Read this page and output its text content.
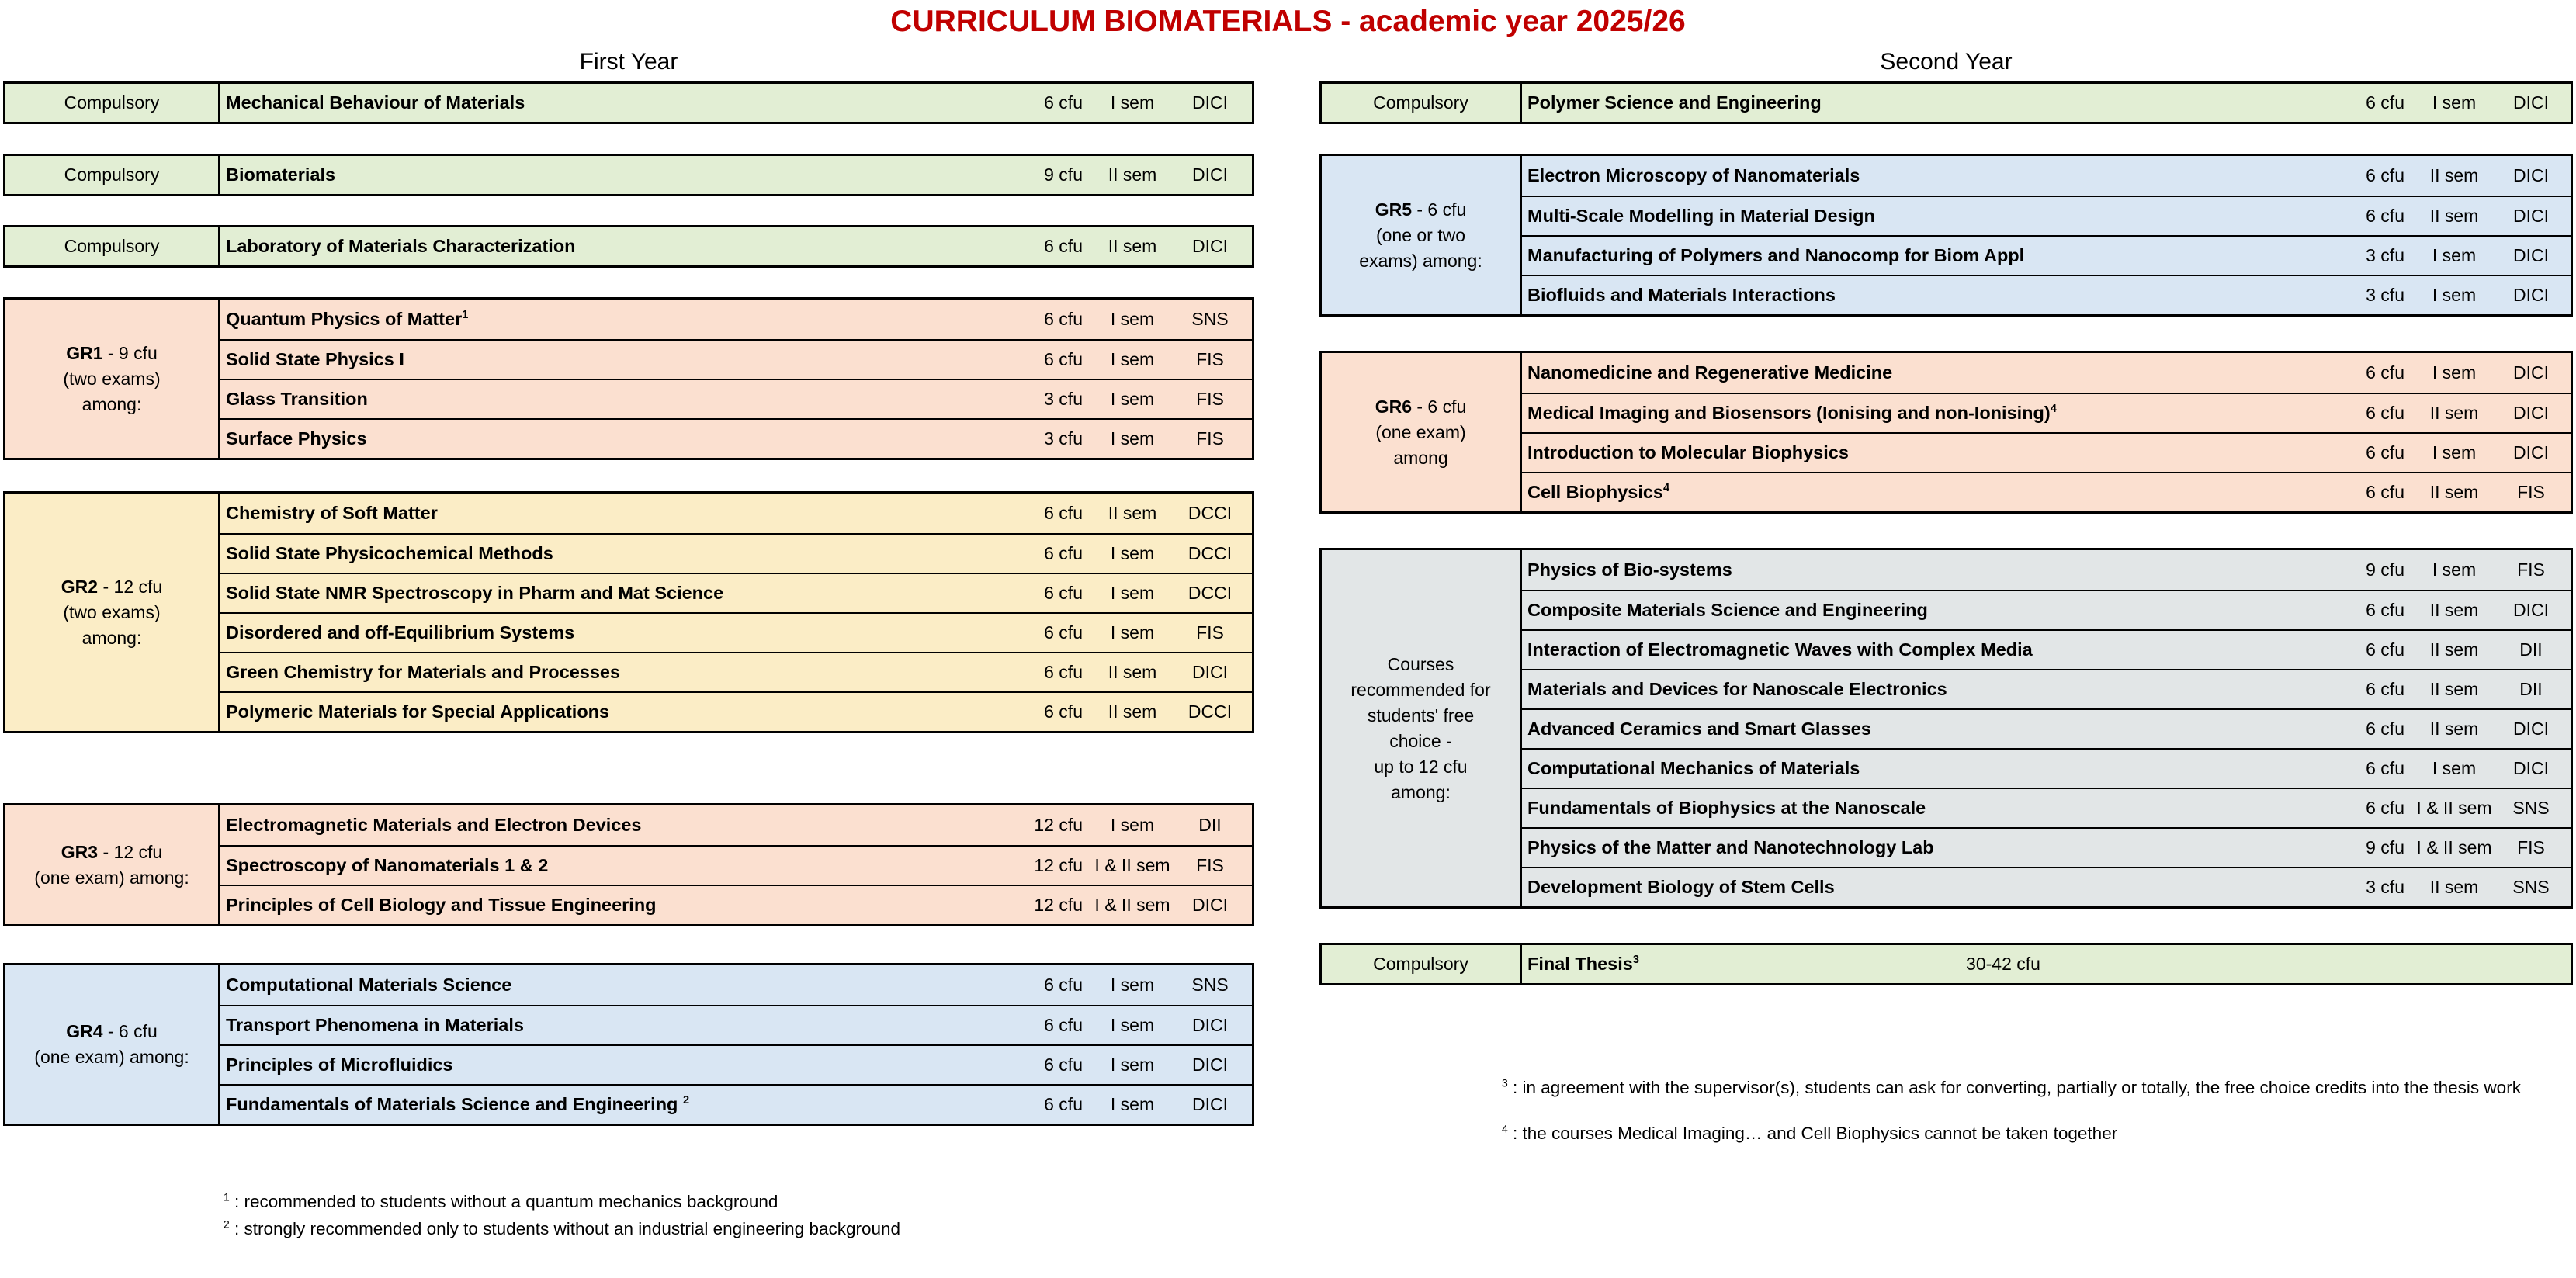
CURRICULUM BIOMATERIALS - academic year 2025/26
First Year
Compulsory	Mechanical Behaviour of Materials	6 cfu	I sem	DICI
Compulsory	Biomaterials	9 cfu	II sem	DICI
Compulsory	Laboratory of Materials Characterization	6 cfu	II sem	DICI
GR1 - 9 cfu
(two exams)
among:
Quantum Physics of Matter$^1$	6 cfu	I sem	SNS
Solid State Physics I	6 cfu	I sem	FIS
Glass Transition	3 cfu	I sem	FIS
Surface Physics	3 cfu	I sem	FIS
GR2 - 12 cfu
(two exams)
among:
Chemistry of Soft Matter	6 cfu	II sem	DCCI
Solid State Physicochemical Methods	6 cfu	I sem	DCCI
Solid State NMR Spectroscopy in Pharm and Mat Science	6 cfu	I sem	DCCI
Disordered and off-Equilibrium Systems	6 cfu	I sem	FIS
Green Chemistry for Materials and Processes	6 cfu	II sem	DICI
Polymeric Materials for Special Applications	6 cfu	II sem	DCCI
GR3 - 12 cfu
(one exam) among:
Electromagnetic Materials and Electron Devices	12 cfu	I sem	DII
Spectroscopy of Nanomaterials 1 & 2	12 cfu I & II sem	FIS
Principles of Cell Biology and Tissue Engineering	12 cfu I & II sem	DICI
GR4 - 6 cfu
(one exam) among:
Computational Materials Science	6 cfu	I sem	SNS
Transport Phenomena in Materials	6 cfu	I sem	DICI
Principles of Microfluidics	6 cfu	I sem	DICI
Fundamentals of Materials Science and Engineering $^2$	6 cfu	I sem	DICI
Second Year
Compulsory	Polymer Science and Engineering	6 cfu	I sem	DICI
GR5 - 6 cfu
(one or two
exams) among:
Electron Microscopy of Nanomaterials	6 cfu	II sem	DICI
Multi-Scale Modelling in Material Design	6 cfu	II sem	DICI
Manufacturing of Polymers and Nanocomp for Biom Appl	3 cfu	I sem	DICI
Biofluids and Materials Interactions	3 cfu	I sem	DICI
GR6 - 6 cfu
(one exam)
among
Nanomedicine and Regenerative Medicine	6 cfu	I sem	DICI
Medical Imaging and Biosensors (Ionising and non-Ionising)$^4$	6 cfu	II sem	DICI
Introduction to Molecular Biophysics	6 cfu	I sem	DICI
Cell Biophysics$^4$	6 cfu	II sem	FIS
Courses
recommended for
students' free
choice -
up to 12 cfu
among:
Physics of Bio-systems	9 cfu	I sem	FIS
Composite Materials Science and Engineering	6 cfu	II sem	DICI
Interaction of Electromagnetic Waves with Complex Media	6 cfu	II sem	DII
Materials and Devices for Nanoscale Electronics	6 cfu	II sem	DII
Advanced Ceramics and Smart Glasses	6 cfu	II sem	DICI
Computational Mechanics of Materials	6 cfu	I sem	DICI
Fundamentals of Biophysics at the Nanoscale	6 cfu I & II sem	SNS
Physics of the Matter and Nanotechnology Lab	9 cfu I & II sem	FIS
Development Biology of Stem Cells	3 cfu	II sem	SNS
Compulsory	Final Thesis$^3$	30-42 cfu
$^1$ : recommended to students without a quantum mechanics background
$^2$ : strongly recommended only to students without an industrial engineering background
$^3$ : in agreement with the supervisor(s), students can ask for converting, partially or totally, the free choice credits into the thesis work
$^4$ : the courses Medical Imaging… and Cell Biophysics cannot be taken together
